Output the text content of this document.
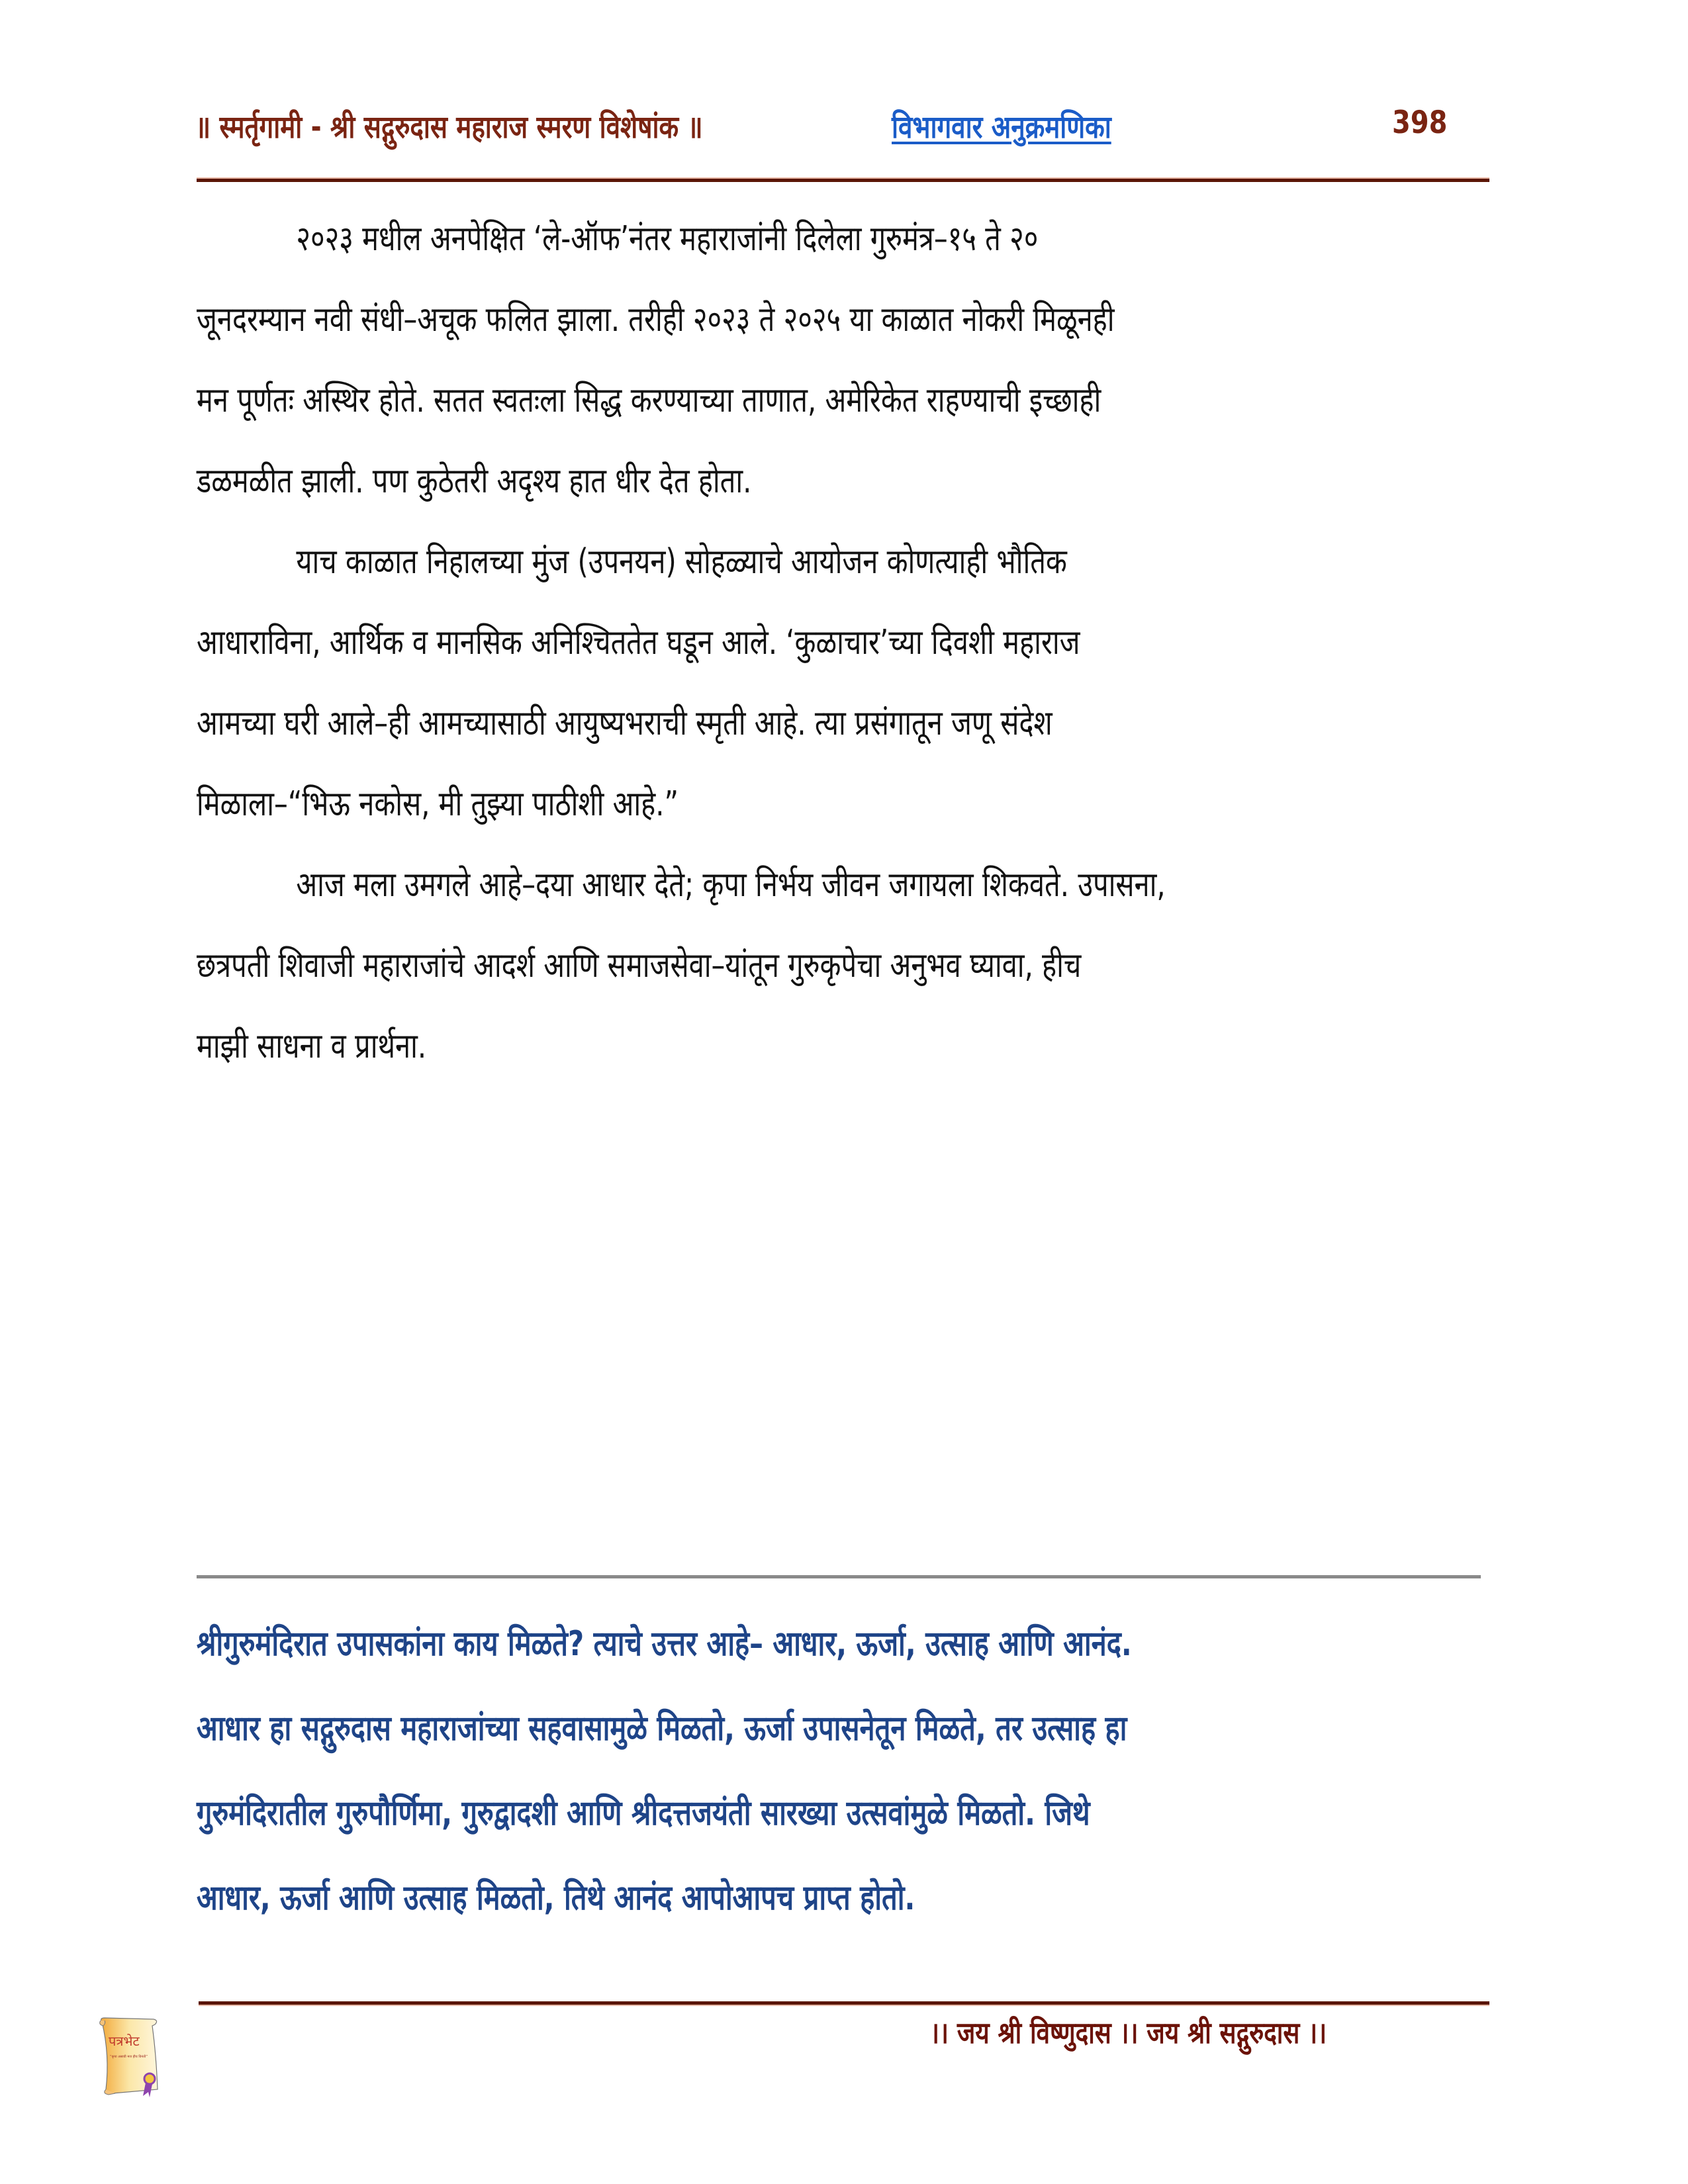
॥ स्मर्तृगामी - श्री सद्गुरुदास महाराज स्मरण विशेषांक ॥	विभागवार अनुक्रमणिका	398
२०२३ मधील अनपेक्षित ‘ले-ऑफ’नंतर महाराजांनी दिलेला गुरुमंत्र–१५ ते २०
जूनदरम्यान नवी संधी–अचूक फलित झाला. तरीही २०२३ ते २०२५ या काळात नोकरी मिळूनही
मन पूर्णतः अस्थिर होते. सतत स्वतःला सिद्ध करण्याच्या ताणात, अमेरिकेत राहण्याची इच्छाही
डळमळीत झाली. पण कुठेतरी अदृश्य हात धीर देत होता.
याच काळात निहालच्या मुंज (उपनयन) सोहळ्याचे आयोजन कोणत्याही भौतिक
आधाराविना, आर्थिक व मानसिक अनिश्चिततेत घडून आले. ‘कुळाचार’च्या दिवशी महाराज
आमच्या घरी आले–ही आमच्यासाठी आयुष्यभराची स्मृती आहे. त्या प्रसंगातून जणू संदेश
मिळाला–“भिऊ नकोस, मी तुझ्या पाठीशी आहे.”
आज मला उमगले आहे–दया आधार देते; कृपा निर्भय जीवन जगायला शिकवते. उपासना,
छत्रपती शिवाजी महाराजांचे आदर्श आणि समाजसेवा–यांतून गुरुकृपेचा अनुभव घ्यावा, हीच
माझी साधना व प्रार्थना.
श्रीगुरुमंदिरात उपासकांना काय मिळते? त्याचे उत्तर आहे– आधार, ऊर्जा, उत्साह आणि आनंद.
आधार हा सद्गुरुदास महाराजांच्या सहवासामुळे मिळतो, ऊर्जा उपासनेतून मिळते, तर उत्साह हा
गुरुमंदिरातील गुरुपौर्णिमा, गुरुद्वादशी आणि श्रीदत्तजयंती सारख्या उत्सवांमुळे मिळतो. जिथे
आधार, ऊर्जा आणि उत्साह मिळतो, तिथे आनंद आपोआपच प्राप्त होतो.
पत्रभेट
“कृपा असावी मज हीच विनंती”
।। जय श्री विष्णुदास ।। जय श्री सद्गुरुदास ।।
